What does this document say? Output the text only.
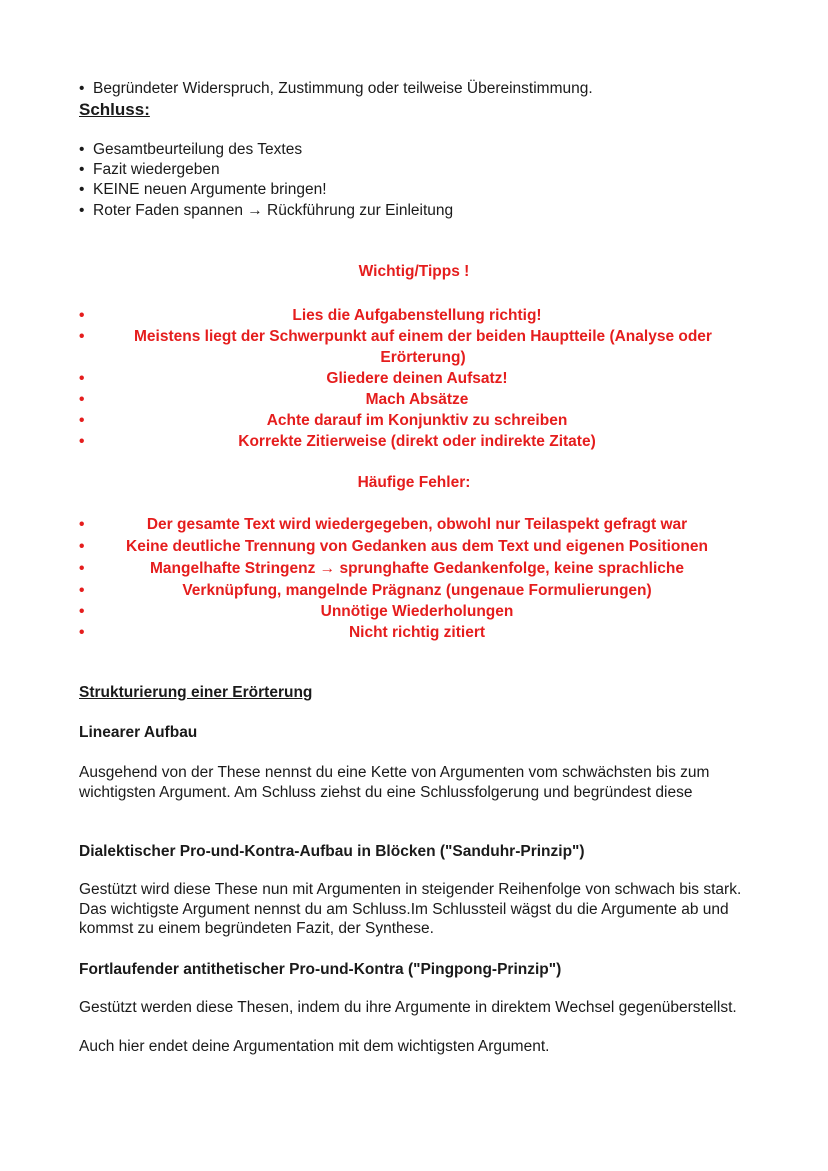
• Begründeter Widerspruch, Zustimmung oder teilweise Übereinstimmung.
Schluss:
• Gesamtbeurteilung des Textes
• Fazit wiedergeben
• KEINE neuen Argumente bringen!
• Roter Faden spannen → Rückführung zur Einleitung
Wichtig/Tipps !
•	Lies die Aufgabenstellung richtig!
•	Meistens liegt der Schwerpunkt auf einem der beiden Hauptteile (Analyse oder Erörterung)
•	Gliedere deinen Aufsatz!
•	Mach Absätze
•	Achte darauf im Konjunktiv zu schreiben
•	Korrekte Zitierweise (direkt oder indirekte Zitate)
Häufige Fehler:
•	Der gesamte Text wird wiedergegeben, obwohl nur Teilaspekt gefragt war
•	Keine deutliche Trennung von Gedanken aus dem Text und eigenen Positionen
•	Mangelhafte Stringenz → sprunghafte Gedankenfolge, keine sprachliche
•	Verknüpfung, mangelnde Prägnanz (ungenaue Formulierungen)
•	Unnötige Wiederholungen
•	Nicht richtig zitiert
Strukturierung einer Erörterung
Linearer Aufbau
Ausgehend von der These nennst du eine Kette von Argumenten vom schwächsten bis zum wichtigsten Argument. Am Schluss ziehst du eine Schlussfolgerung und begründest diese
Dialektischer Pro-und-Kontra-Aufbau in Blöcken ("Sanduhr-Prinzip")
Gestützt wird diese These nun mit Argumenten in steigender Reihenfolge von schwach bis stark. Das wichtigste Argument nennst du am Schluss.Im Schlussteil wägst du die Argumente ab und kommst zu einem begründeten Fazit, der Synthese.
Fortlaufender antithetischer Pro-und-Kontra ("Pingpong-Prinzip")
Gestützt werden diese Thesen, indem du ihre Argumente in direktem Wechsel gegenüberstellst.
Auch hier endet deine Argumentation mit dem wichtigsten Argument.
